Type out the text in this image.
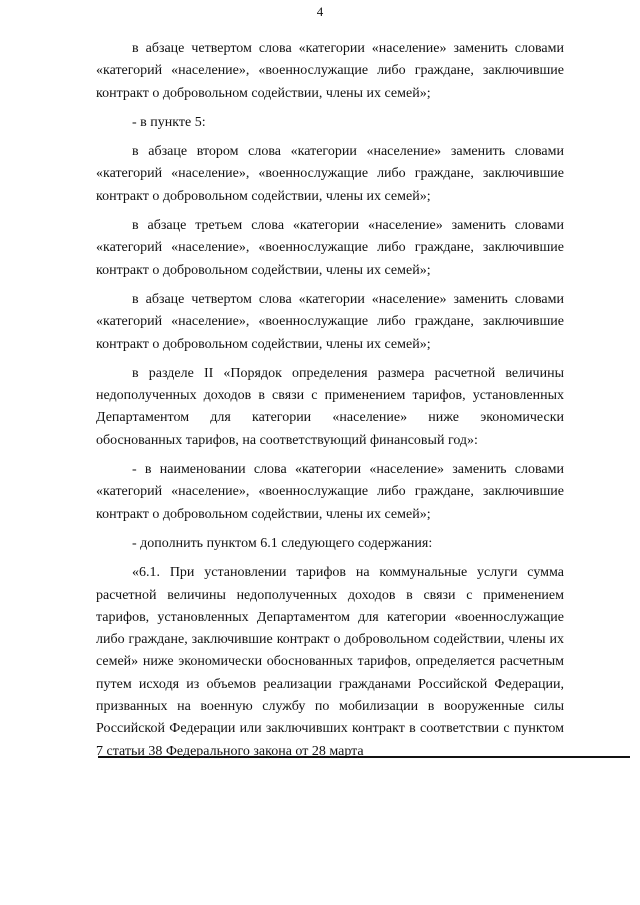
4

в абзаце четвертом слова «категории «население» заменить словами «категорий «население», «военнослужащие либо граждане, заключившие контракт о добровольном содействии, члены их семей»;

- в пункте 5:

в абзаце втором слова «категории «население» заменить словами «категорий «население», «военнослужащие либо граждане, заключившие контракт о добровольном содействии, члены их семей»;

в абзаце третьем слова «категории «население» заменить словами «категорий «население», «военнослужащие либо граждане, заключившие контракт о добровольном содействии, члены их семей»;

в абзаце четвертом слова «категории «население» заменить словами «категорий «население», «военнослужащие либо граждане, заключившие контракт о добровольном содействии, члены их семей»;

в разделе II «Порядок определения размера расчетной величины недополученных доходов в связи с применением тарифов, установленных Департаментом для категории «население» ниже экономически обоснованных тарифов, на соответствующий финансовый год»:

- в наименовании слова «категории «население» заменить словами «категорий «население», «военнослужащие либо граждане, заключившие контракт о добровольном содействии, члены их семей»;

- дополнить пунктом 6.1 следующего содержания:

«6.1. При установлении тарифов на коммунальные услуги сумма расчетной величины недополученных доходов в связи с применением тарифов, установленных Департаментом для категории «военнослужащие либо граждане, заключившие контракт о добровольном содействии, члены их семей» ниже экономически обоснованных тарифов, определяется расчетным путем исходя из объемов реализации гражданами Российской Федерации, призванных на военную службу по мобилизации в вооруженные силы Российской Федерации или заключивших контракт в соответствии с пунктом 7 статьи 38 Федерального закона от 28 марта
